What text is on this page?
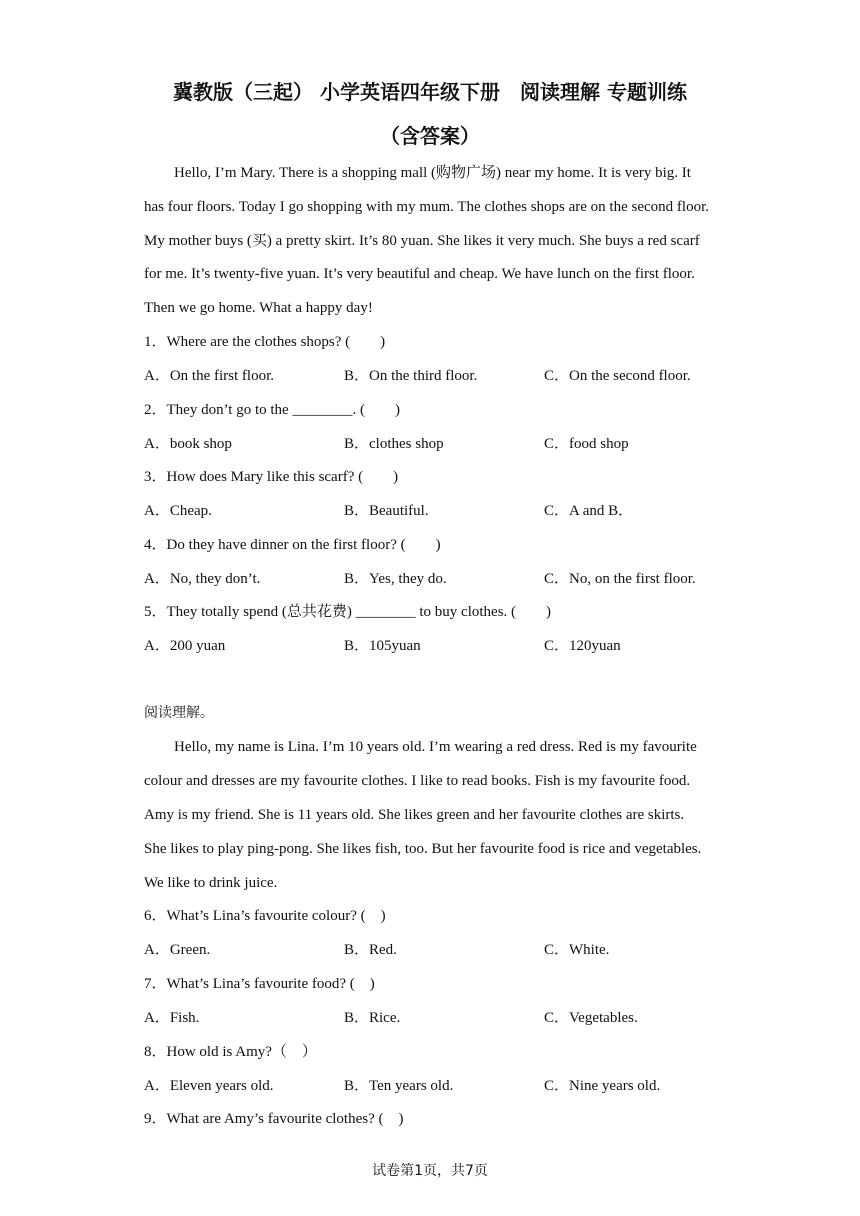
冀教版（三起） 小学英语四年级下册　阅读理解 专题训练
（含答案）
Hello, I’m Mary. There is a shopping mall (购物广场) near my home. It is very big. It
has four floors. Today I go shopping with my mum. The clothes shops are on the second floor.
My mother buys (买) a pretty skirt. It’s 80 yuan. She likes it very much. She buys a red scarf
for me. It’s twenty-five yuan. It’s very beautiful and cheap. We have lunch on the first floor.
Then we go home. What a happy day!
1．Where are the clothes shops? (　　)
A．On the first floor.	B．On the third floor.	C．On the second floor.
2．They don’t go to the ________. (　　)
A．book shop	B．clothes shop	C．food shop
3．How does Mary like this scarf? (　　)
A．Cheap.	B．Beautiful.	C．A and B．
4．Do they have dinner on the first floor? (　　)
A．No, they don’t.	B．Yes, they do.	C．No, on the first floor.
5．They totally spend (总共花费) ________ to buy clothes. (　　)
A．200 yuan	B．105yuan	C．120yuan
阅读理解。
Hello, my name is Lina. I’m 10 years old. I’m wearing a red dress. Red is my favourite
colour and dresses are my favourite clothes. I like to read books. Fish is my favourite food.
Amy is my friend. She is 11 years old. She likes green and her favourite clothes are skirts.
She likes to play ping-pong. She likes fish, too. But her favourite food is rice and vegetables.
We like to drink juice.
6．What’s Lina’s favourite colour? (　)
A．Green.	B．Red.	C．White.
7．What’s Lina’s favourite food? (　)
A．Fish.	B．Rice.	C．Vegetables.
8．How old is Amy?（　）
A．Eleven years old.	B．Ten years old.	C．Nine years old.
9．What are Amy’s favourite clothes? (　)
试卷第1页，共7页
